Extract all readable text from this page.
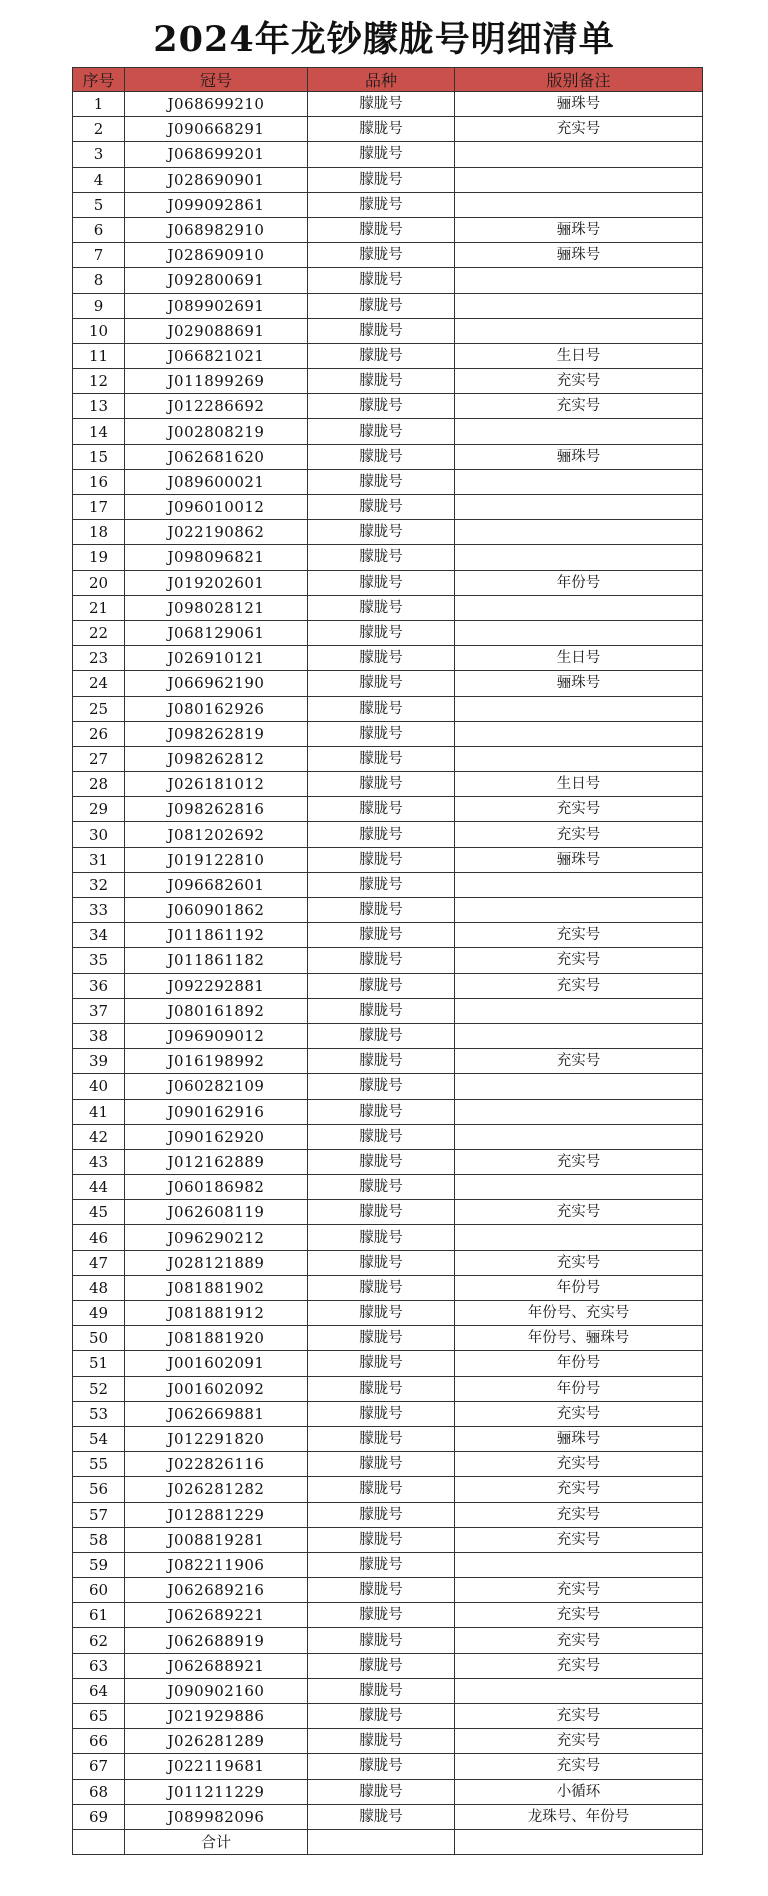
2024年龙钞朦胧号明细清单
序号	冠号	品种	版别备注
1	J068699210	朦胧号	骊珠号
2	J090668291	朦胧号	充实号
3	J068699201	朦胧号	
4	J028690901	朦胧号	
5	J099092861	朦胧号	
6	J068982910	朦胧号	骊珠号
7	J028690910	朦胧号	骊珠号
8	J092800691	朦胧号	
9	J089902691	朦胧号	
10	J029088691	朦胧号	
11	J066821021	朦胧号	生日号
12	J011899269	朦胧号	充实号
13	J012286692	朦胧号	充实号
14	J002808219	朦胧号	
15	J062681620	朦胧号	骊珠号
16	J089600021	朦胧号	
17	J096010012	朦胧号	
18	J022190862	朦胧号	
19	J098096821	朦胧号	
20	J019202601	朦胧号	年份号
21	J098028121	朦胧号	
22	J068129061	朦胧号	
23	J026910121	朦胧号	生日号
24	J066962190	朦胧号	骊珠号
25	J080162926	朦胧号	
26	J098262819	朦胧号	
27	J098262812	朦胧号	
28	J026181012	朦胧号	生日号
29	J098262816	朦胧号	充实号
30	J081202692	朦胧号	充实号
31	J019122810	朦胧号	骊珠号
32	J096682601	朦胧号	
33	J060901862	朦胧号	
34	J011861192	朦胧号	充实号
35	J011861182	朦胧号	充实号
36	J092292881	朦胧号	充实号
37	J080161892	朦胧号	
38	J096909012	朦胧号	
39	J016198992	朦胧号	充实号
40	J060282109	朦胧号	
41	J090162916	朦胧号	
42	J090162920	朦胧号	
43	J012162889	朦胧号	充实号
44	J060186982	朦胧号	
45	J062608119	朦胧号	充实号
46	J096290212	朦胧号	
47	J028121889	朦胧号	充实号
48	J081881902	朦胧号	年份号
49	J081881912	朦胧号	年份号、充实号
50	J081881920	朦胧号	年份号、骊珠号
51	J001602091	朦胧号	年份号
52	J001602092	朦胧号	年份号
53	J062669881	朦胧号	充实号
54	J012291820	朦胧号	骊珠号
55	J022826116	朦胧号	充实号
56	J026281282	朦胧号	充实号
57	J012881229	朦胧号	充实号
58	J008819281	朦胧号	充实号
59	J082211906	朦胧号	
60	J062689216	朦胧号	充实号
61	J062689221	朦胧号	充实号
62	J062688919	朦胧号	充实号
63	J062688921	朦胧号	充实号
64	J090902160	朦胧号	
65	J021929886	朦胧号	充实号
66	J026281289	朦胧号	充实号
67	J022119681	朦胧号	充实号
68	J011211229	朦胧号	小循环
69	J089982096	朦胧号	龙珠号、年份号
	合计		
